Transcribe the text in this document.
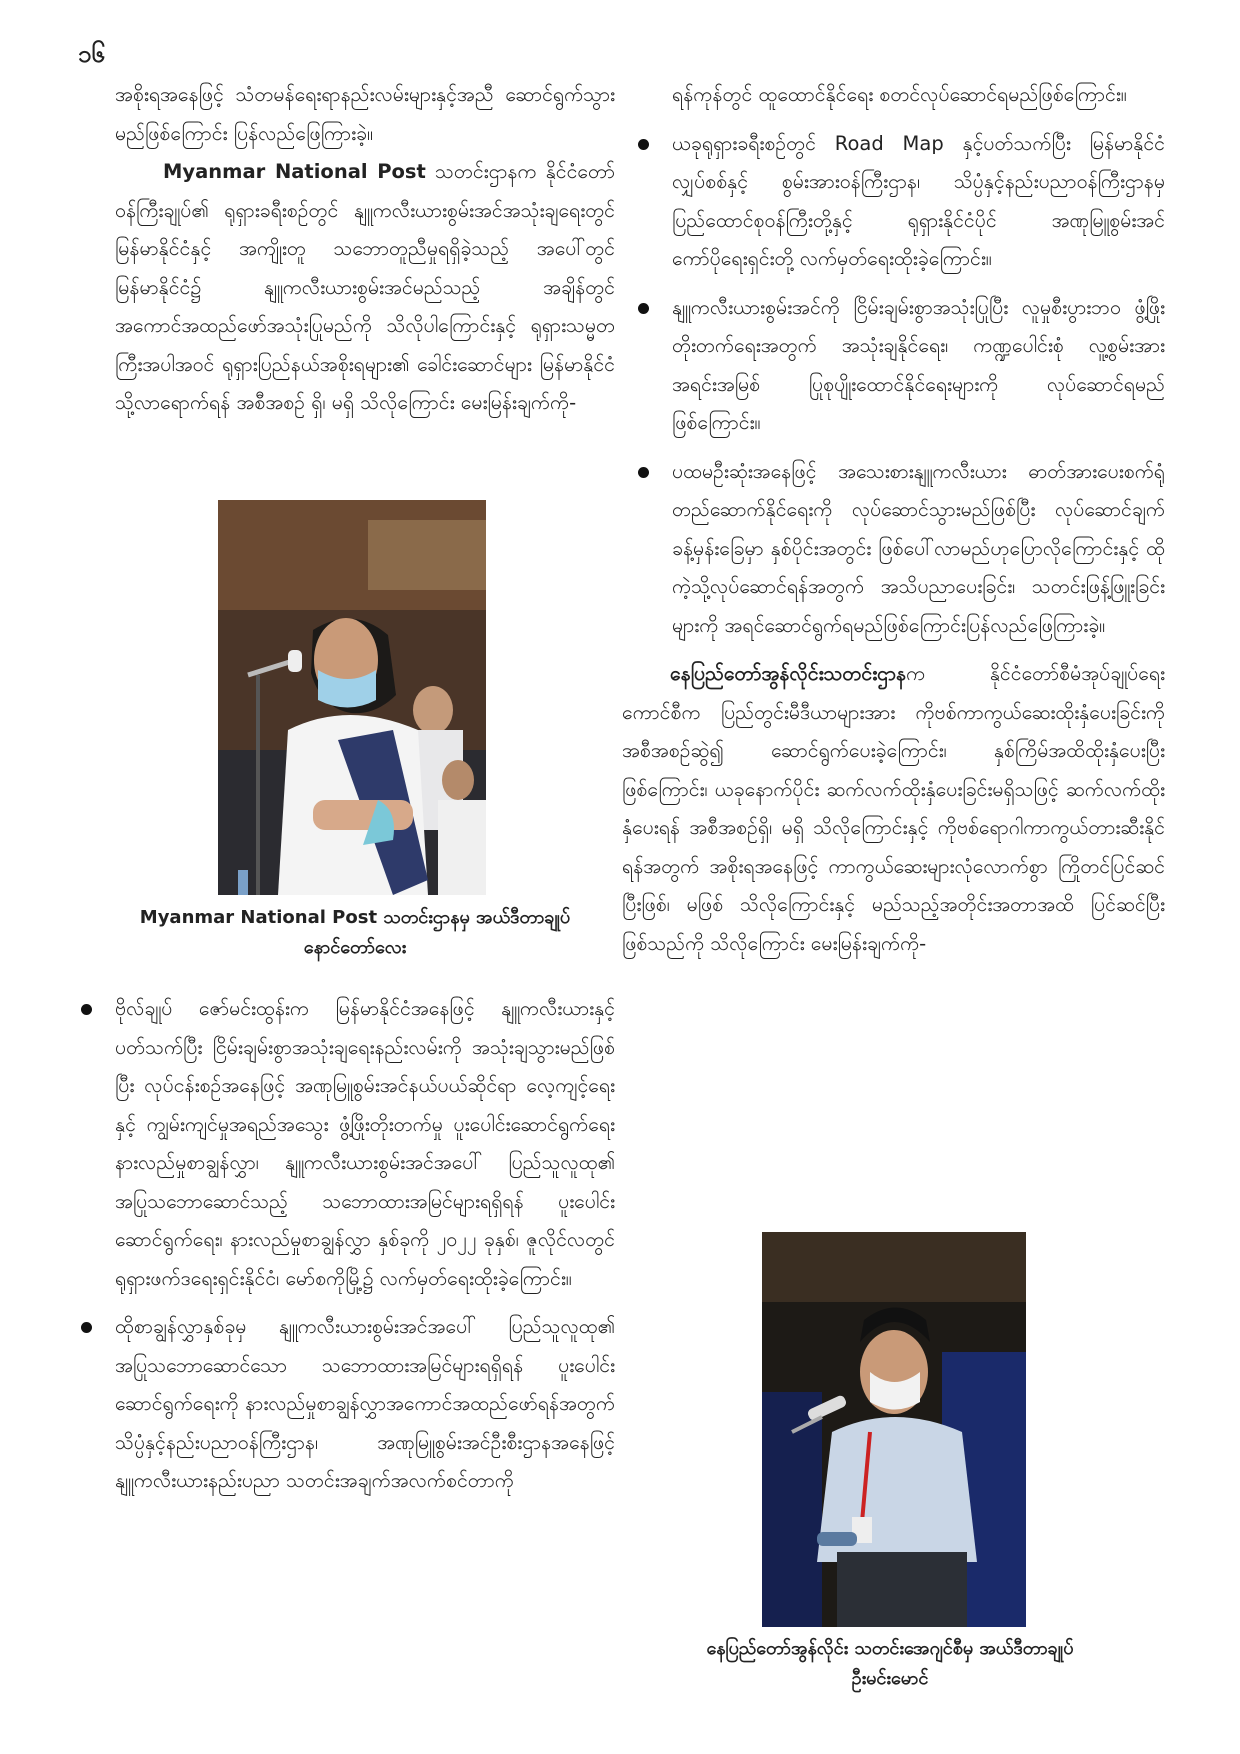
၁၆

အစိုးရအနေဖြင့် သံတမန်ရေးရာနည်းလမ်းများနှင့်အညီ ဆောင်ရွက်သွားမည်ဖြစ်ကြောင်း ပြန်လည်ဖြေကြားခဲ့။

Myanmar National Post သတင်းဌာနက နိုင်ငံတော်ဝန်ကြီးချုပ်၏ ရုရှားခရီးစဉ်တွင် နျူကလီးယားစွမ်းအင်အသုံးချရေးတွင် မြန်မာနိုင်ငံနှင့် အကျိုးတူ သဘောတူညီမှုရရှိခဲ့သည့် အပေါ်တွင် မြန်မာနိုင်ငံ၌ နျူကလီးယားစွမ်းအင်မည်သည့် အချိန်တွင် အကောင်အထည်ဖော်အသုံးပြုမည်ကို သိလိုပါကြောင်းနှင့် ရုရှားသမ္မတကြီးအပါအဝင် ရုရှားပြည်နယ်အစိုးရများ၏ ခေါင်းဆောင်များ မြန်မာနိုင်ငံသို့လာရောက်ရန် အစီအစဉ် ရှိ၊ မရှိ သိလိုကြောင်း မေးမြန်းချက်ကို-

Myanmar National Post သတင်းဌာနမှ အယ်ဒီတာချုပ်
နောင်တော်လေး
ဗိုလ်ချုပ် ဇော်မင်းထွန်းက မြန်မာနိုင်ငံအနေဖြင့် နျူကလီးယားနှင့်ပတ်သက်ပြီး ငြိမ်းချမ်းစွာအသုံးချရေးနည်းလမ်းကို အသုံးချသွားမည်ဖြစ်ပြီး လုပ်ငန်းစဉ်အနေဖြင့် အဏုမြူစွမ်းအင်နယ်ပယ်ဆိုင်ရာ လေ့ကျင့်ရေးနှင့် ကျွမ်းကျင်မှုအရည်အသွေး ဖွံ့ဖြိုးတိုးတက်မှု ပူးပေါင်းဆောင်ရွက်ရေး နားလည်မှုစာချွန်လွှာ၊ နျူကလီးယားစွမ်းအင်အပေါ် ပြည်သူလူထု၏ အပြုသဘောဆောင်သည့် သဘောထားအမြင်များရရှိရန် ပူးပေါင်းဆောင်ရွက်ရေး၊ နားလည်မှုစာချွန်လွှာ နှစ်ခုကို ၂၀၂၂ ခုနှစ်၊ ဇူလိုင်လတွင် ရုရှားဖက်ဒရေးရှင်းနိုင်ငံ၊ မော်စကိုမြို့၌ လက်မှတ်ရေးထိုးခဲ့ကြောင်း။
ထိုစာချွန်လွှာနှစ်ခုမှ နျူကလီးယားစွမ်းအင်အပေါ် ပြည်သူလူထု၏ အပြုသဘောဆောင်သော သဘောထားအမြင်များရရှိရန် ပူးပေါင်းဆောင်ရွက်ရေးကို နားလည်မှုစာချွန်လွှာအကောင်အထည်ဖော်ရန်အတွက် သိပ္ပံနှင့်နည်းပညာဝန်ကြီးဌာန၊ အဏုမြူစွမ်းအင်ဦးစီးဌာနအနေဖြင့် နျူကလီးယားနည်းပညာ သတင်းအချက်အလက်စင်တာကို
ရန်ကုန်တွင် ထူထောင်နိုင်ရေး စတင်လုပ်ဆောင်ရမည်ဖြစ်ကြောင်း။
ယခုရုရှားခရီးစဉ်တွင် Road Map နှင့်ပတ်သက်ပြီး မြန်မာနိုင်ငံလျှပ်စစ်နှင့် စွမ်းအားဝန်ကြီးဌာန၊ သိပ္ပံနှင့်နည်းပညာဝန်ကြီးဌာနမှ ပြည်ထောင်စုဝန်ကြီးတို့နှင့် ရုရှားနိုင်ငံပိုင် အဏုမြူစွမ်းအင်ကော်ပိုရေးရှင်းတို့ လက်မှတ်ရေးထိုးခဲ့ကြောင်း။
နျူကလီးယားစွမ်းအင်ကို ငြိမ်းချမ်းစွာအသုံးပြုပြီး လူမှုစီးပွားဘဝ ဖွံ့ဖြိုးတိုးတက်ရေးအတွက် အသုံးချနိုင်ရေး၊ ကဏ္ဍပေါင်းစုံ လူ့စွမ်းအားအရင်းအမြစ် ပြုစုပျိုးထောင်နိုင်ရေးများကို လုပ်ဆောင်ရမည်ဖြစ်ကြောင်း။
ပထမဦးဆုံးအနေဖြင့် အသေးစားနျူကလီးယား ဓာတ်အားပေးစက်ရုံတည်ဆောက်နိုင်ရေးကို လုပ်ဆောင်သွားမည်ဖြစ်ပြီး လုပ်ဆောင်ချက်ခန့်မှန်းခြေမှာ နှစ်ပိုင်းအတွင်း ဖြစ်ပေါ်လာမည်ဟုပြောလိုကြောင်းနှင့် ထိုကဲ့သို့လုပ်ဆောင်ရန်အတွက် အသိပညာပေးခြင်း၊ သတင်းဖြန့်ဖြူးခြင်းများကို အရင်ဆောင်ရွက်ရမည်ဖြစ်ကြောင်းပြန်လည်ဖြေကြားခဲ့။

နေပြည်တော်အွန်လိုင်းသတင်းဌာနက နိုင်ငံတော်စီမံအုပ်ချုပ်ရေးကောင်စီက ပြည်တွင်းမီဒီယာများအား ကိုဗစ်ကာကွယ်ဆေးထိုးနှံပေးခြင်းကို အစီအစဉ်ဆွဲ၍ ဆောင်ရွက်ပေးခဲ့ကြောင်း၊ နှစ်ကြိမ်အထိထိုးနှံပေးပြီးဖြစ်ကြောင်း၊ ယခုနောက်ပိုင်း ဆက်လက်ထိုးနှံပေးခြင်းမရှိသဖြင့် ဆက်လက်ထိုးနှံပေးရန် အစီအစဉ်ရှိ၊ မရှိ သိလိုကြောင်းနှင့် ကိုဗစ်ရောဂါကာကွယ်တားဆီးနိုင်ရန်အတွက် အစိုးရအနေဖြင့် ကာကွယ်ဆေးများလုံလောက်စွာ ကြိုတင်ပြင်ဆင်ပြီးဖြစ်၊ မဖြစ် သိလိုကြောင်းနှင့် မည်သည့်အတိုင်းအတာအထိ ပြင်ဆင်ပြီးဖြစ်သည်ကို သိလိုကြောင်း မေးမြန်းချက်ကို-

နေပြည်တော်အွန်လိုင်း သတင်းအေဂျင်စီမှ အယ်ဒီတာချုပ်
ဦးမင်းမောင်
